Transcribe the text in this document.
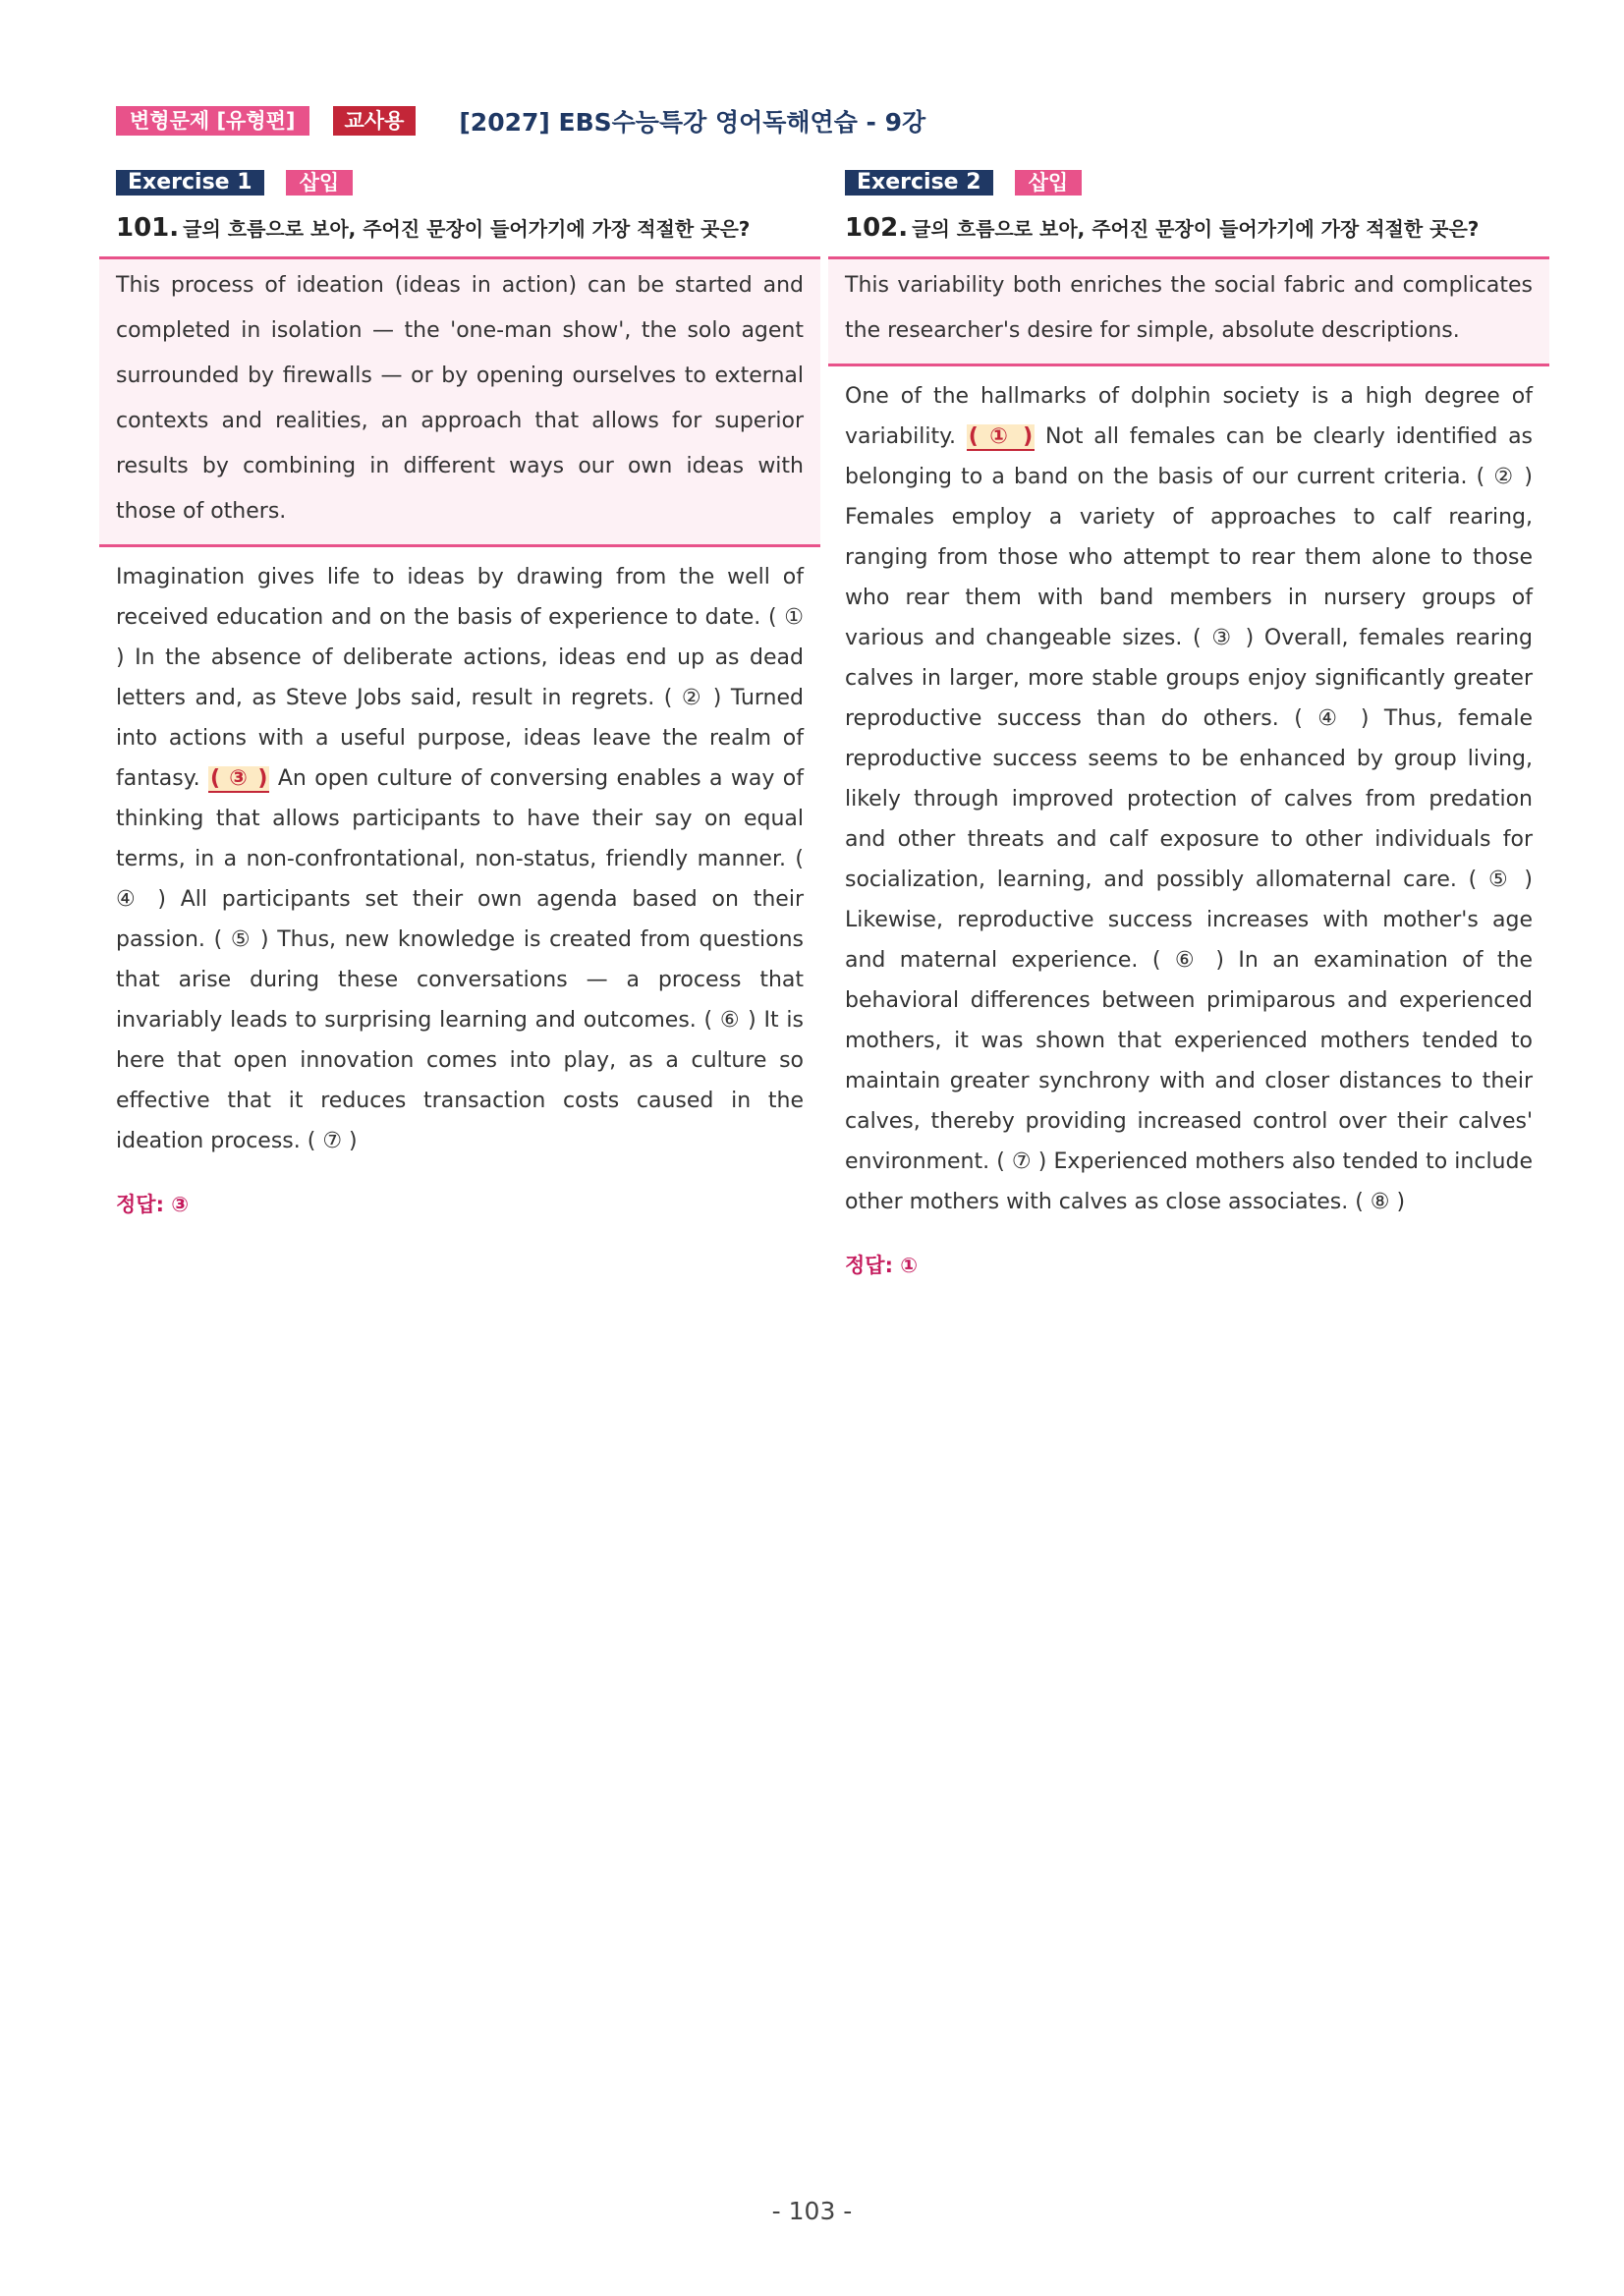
변형문제 [유형편]	교사용	[2027] EBS수능특강 영어독해연습 - 9강
Exercise 1	삽입
101. 글의 흐름으로 보아, 주어진 문장이 들어가기에 가장 적절한 곳은?

This process of ideation (ideas in action) can be started and completed in isolation — the 'one-man show', the solo agent surrounded by firewalls — or by opening ourselves to external contexts and realities, an approach that allows for superior results by combining in different ways our own ideas with those of others.

Imagination gives life to ideas by drawing from the well of received education and on the basis of experience to date. ( ① ) In the absence of deliberate actions, ideas end up as dead letters and, as Steve Jobs said, result in regrets. ( ② ) Turned into actions with a useful purpose, ideas leave the realm of fantasy. ( ③ ) An open culture of conversing enables a way of thinking that allows participants to have their say on equal terms, in a non-confrontational, non-status, friendly manner. ( ④ ) All participants set their own agenda based on their passion. ( ⑤ ) Thus, new knowledge is created from questions that arise during these conversations — a process that invariably leads to surprising learning and outcomes. ( ⑥ ) It is here that open innovation comes into play, as a culture so effective that it reduces transaction costs caused in the ideation process. ( ⑦ )
정답: ③
Exercise 2	삽입
102. 글의 흐름으로 보아, 주어진 문장이 들어가기에 가장 적절한 곳은?

This variability both enriches the social fabric and complicates the researcher's desire for simple, absolute descriptions.

One of the hallmarks of dolphin society is a high degree of variability. ( ① ) Not all females can be clearly identified as belonging to a band on the basis of our current criteria. ( ② ) Females employ a variety of approaches to calf rearing, ranging from those who attempt to rear them alone to those who rear them with band members in nursery groups of various and changeable sizes. ( ③ ) Overall, females rearing calves in larger, more stable groups enjoy significantly greater reproductive success than do others. ( ④ ) Thus, female reproductive success seems to be enhanced by group living, likely through improved protection of calves from predation and other threats and calf exposure to other individuals for socialization, learning, and possibly allomaternal care. ( ⑤ ) Likewise, reproductive success increases with mother's age and maternal experience. ( ⑥ ) In an examination of the behavioral differences between primiparous and experienced mothers, it was shown that experienced mothers tended to maintain greater synchrony with and closer distances to their calves, thereby providing increased control over their calves' environment. ( ⑦ ) Experienced mothers also tended to include other mothers with calves as close associates. ( ⑧ )
정답: ①
- 103 -
